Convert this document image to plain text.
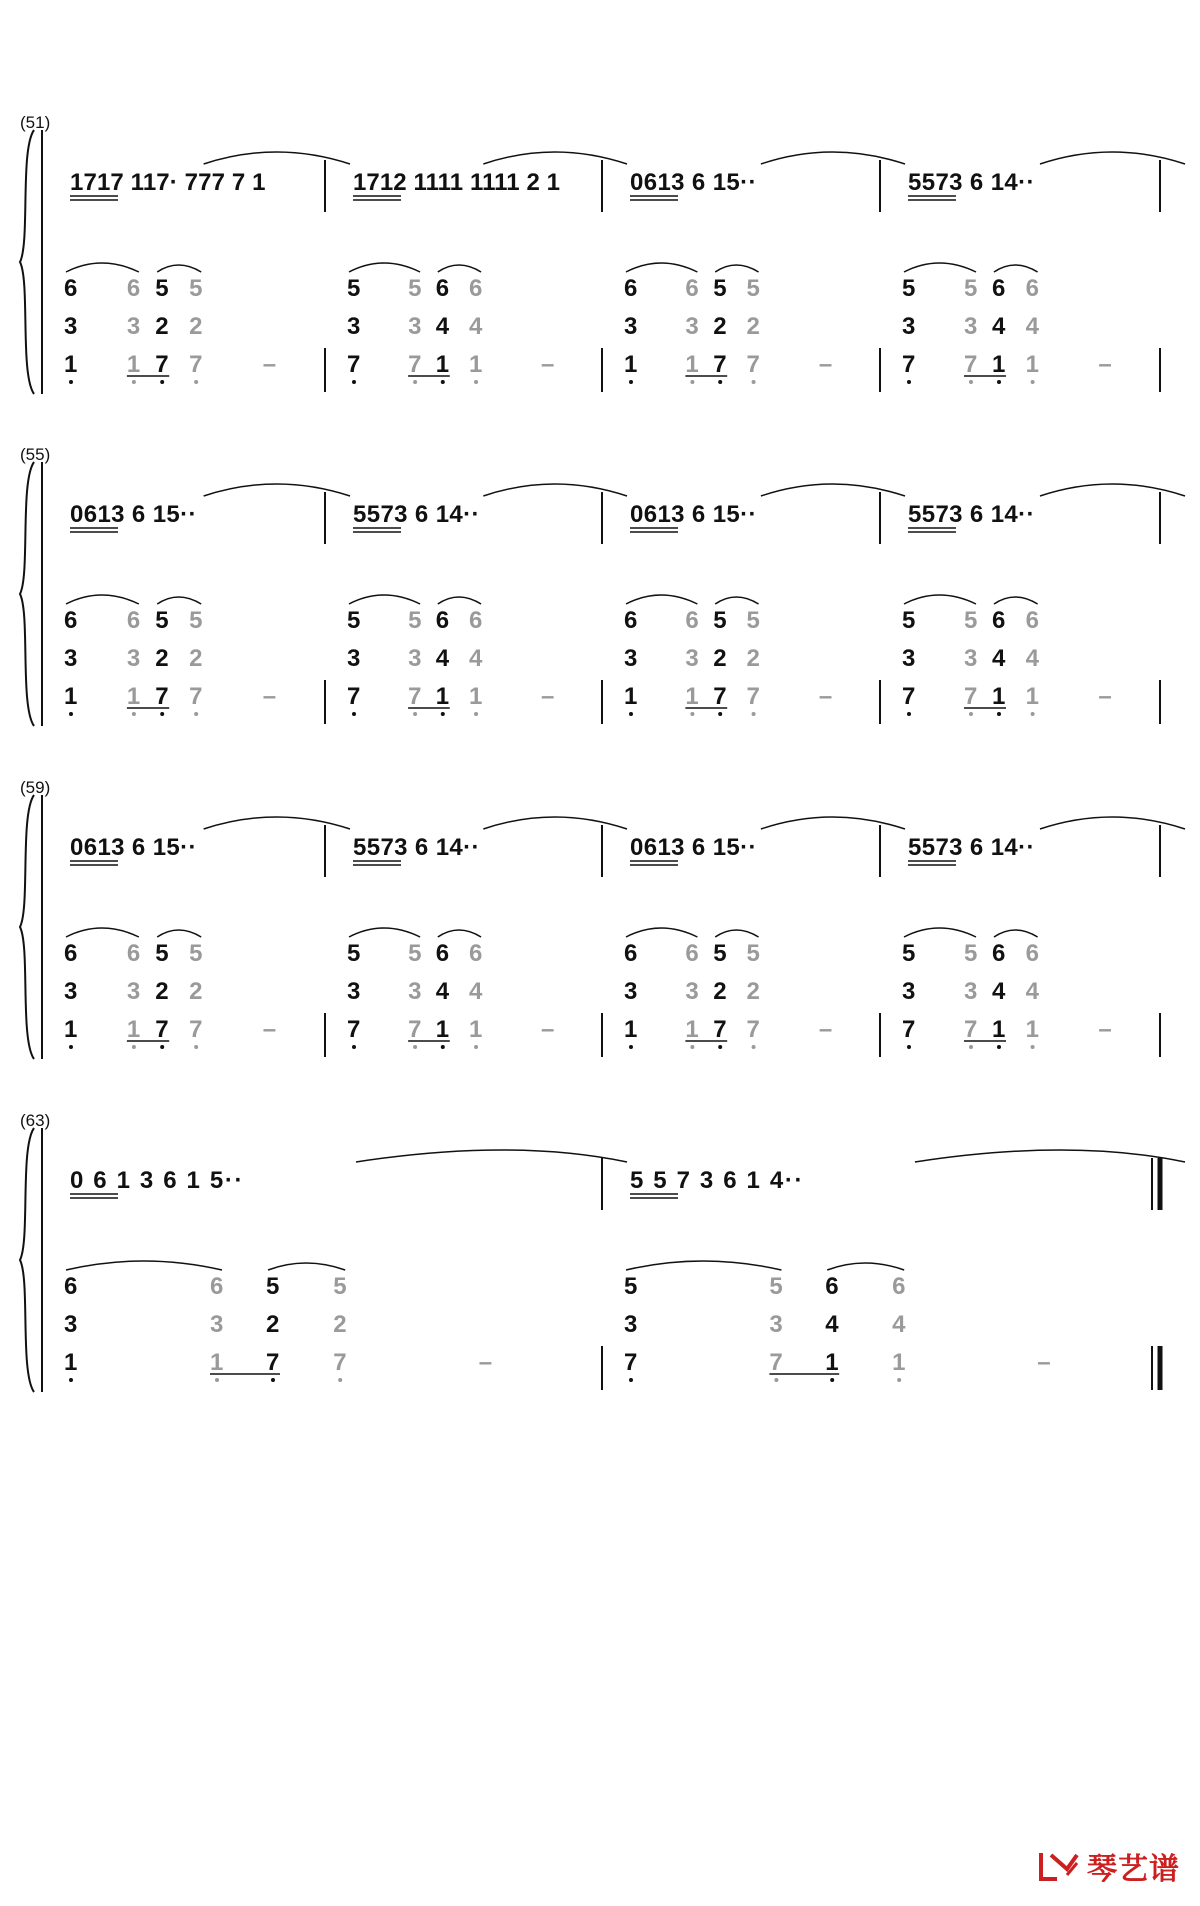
(51)
1717 117· 777 7 1	1712 1111 1111 2 1	0613 6 15··	5573 6 14··
6
3
1
6
3
1
5
2
7
5
2
7	–
5
3
7
5
3
7
6
4
1
6
4
1 –
6
3
1
6
3
1
5
2
7
5
2
7 –
5
3
7
5
3
7
6
4
1
6
4
1 –
(55)
0613 6 15··	5573 6 14··	0613 6 15··	5573 6 14··
6
3
1
6
3
1
5
2
7
5
2
7	–
5
3
7
5
3
7
6
4
1
6
4
1 –
6
3
1
6
3
1
5
2
7
5
2
7 –
5
3
7
5
3
7
6
4
1
6
4
1 –
(59)
0613 6 15··	5573 6 14··	0613 6 15··	5573 6 14··
6
3
1
6
3
1
5
2
7
5
2
7	–
5
3
7
5
3
7
6
4
1
6
4
1 –
6
3
1
6
3
1
5
2
7
5
2
7 –
5
3
7
5
3
7
6
4
1
6
4
1 –
(63)
0 6 1 3 6 1 5··	5 5 7 3 6 1 4··
6
3
1
6
3
1
5
2
7
5
2
7	–
5
3
7
5
3
7
6
4
1
6
4
1	–
琴艺谱
